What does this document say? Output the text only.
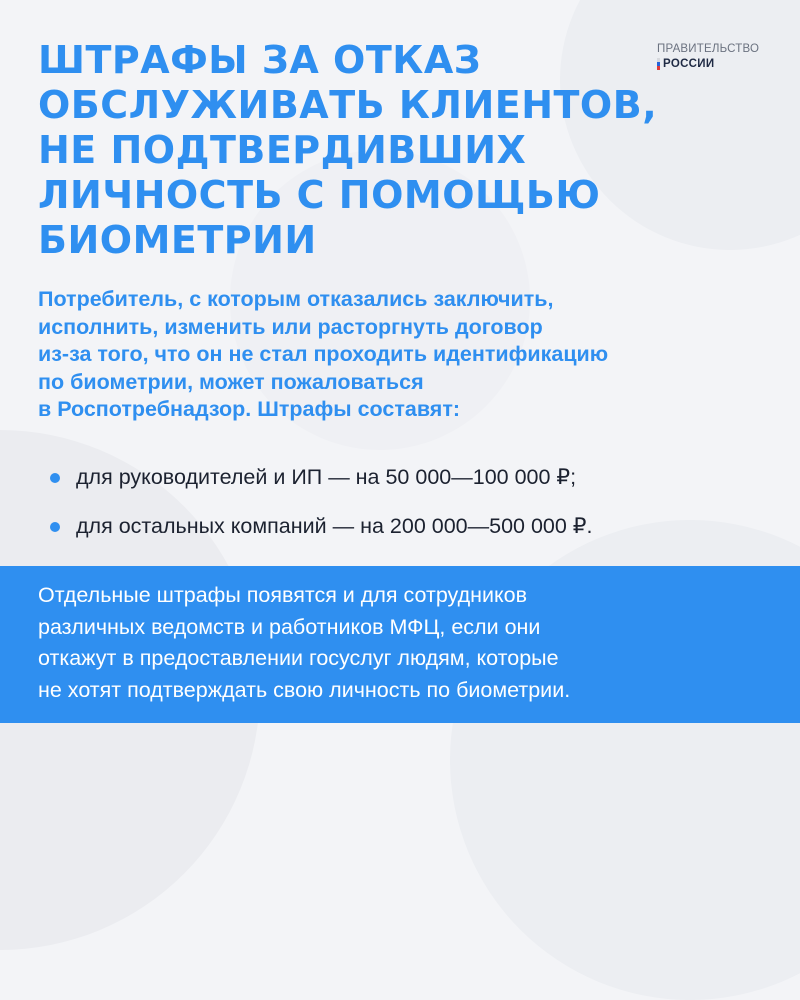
ШТРАФЫ ЗА ОТКАЗ
ОБСЛУЖИВАТЬ КЛИЕНТОВ,
НЕ ПОДТВЕРДИВШИХ
ЛИЧНОСТЬ С ПОМОЩЬЮ
БИОМЕТРИИ
ПРАВИТЕЛЬСТВО
РОССИИ

Потребитель, с которым отказались заключить,
исполнить, изменить или расторгнуть договор
из-за того, что он не стал проходить идентификацию
по биометрии, может пожаловаться
в Роспотребнадзор. Штрафы составят:

для руководителей и ИП — на 50 000—100 000 ₽;
для остальных компаний — на 200 000—500 000 ₽.

Отдельные штрафы появятся и для сотрудников
различных ведомств и работников МФЦ, если они
откажут в предоставлении госуслуг людям, которые
не хотят подтверждать свою личность по биометрии.
